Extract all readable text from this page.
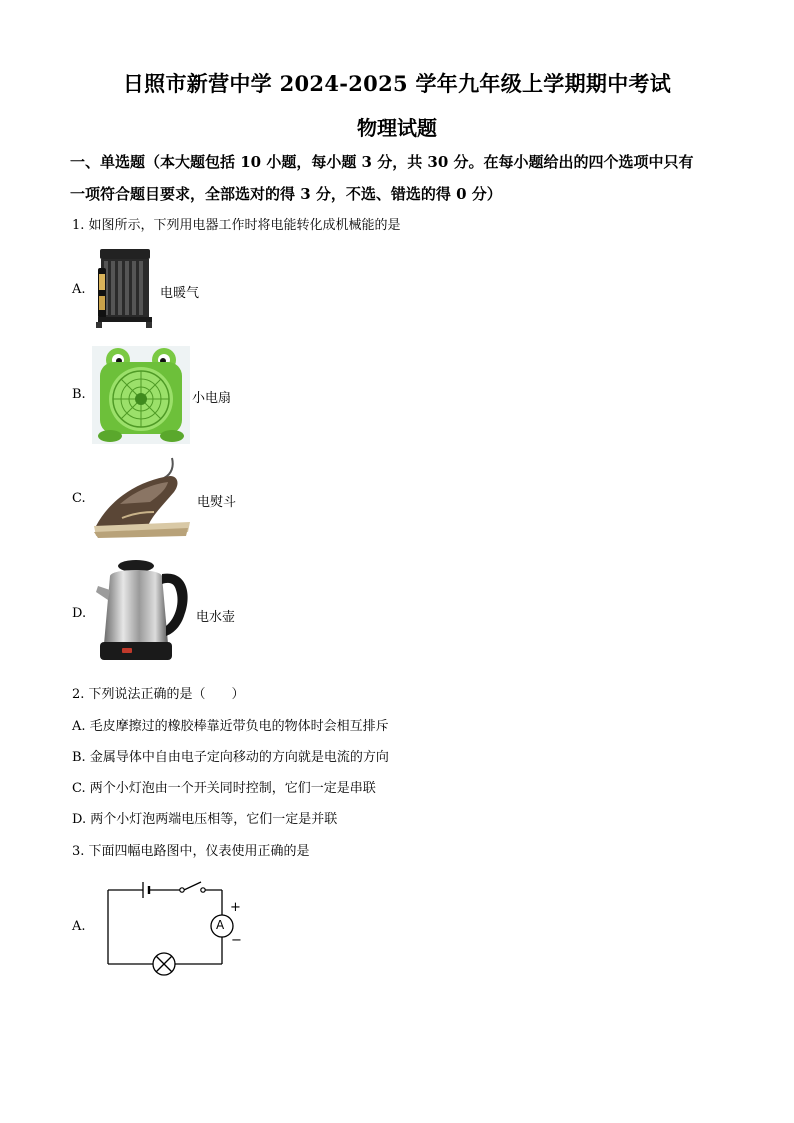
日照市新营中学 2024-2025 学年九年级上学期期中考试
物理试题
一、单选题（本大题包括 10 小题，每小题 3 分，共 30 分。在每小题给出的四个选项中只有
一项符合题目要求，全部选对的得 3 分，不选、错选的得 0 分）
1. 如图所示，下列用电器工作时将电能转化成机械能的是
A.	电暖气
B.	小电扇
C.	电熨斗
D.	电水壶
2. 下列说法正确的是（　　）
A. 毛皮摩擦过的橡胶棒靠近带负电的物体时会相互排斥
B. 金属导体中自由电子定向移动的方向就是电流的方向
C. 两个小灯泡由一个开关同时控制，它们一定是串联
D. 两个小灯泡两端电压相等，它们一定是并联
3. 下面四幅电路图中，仪表使用正确的是
A.	A
+
−
